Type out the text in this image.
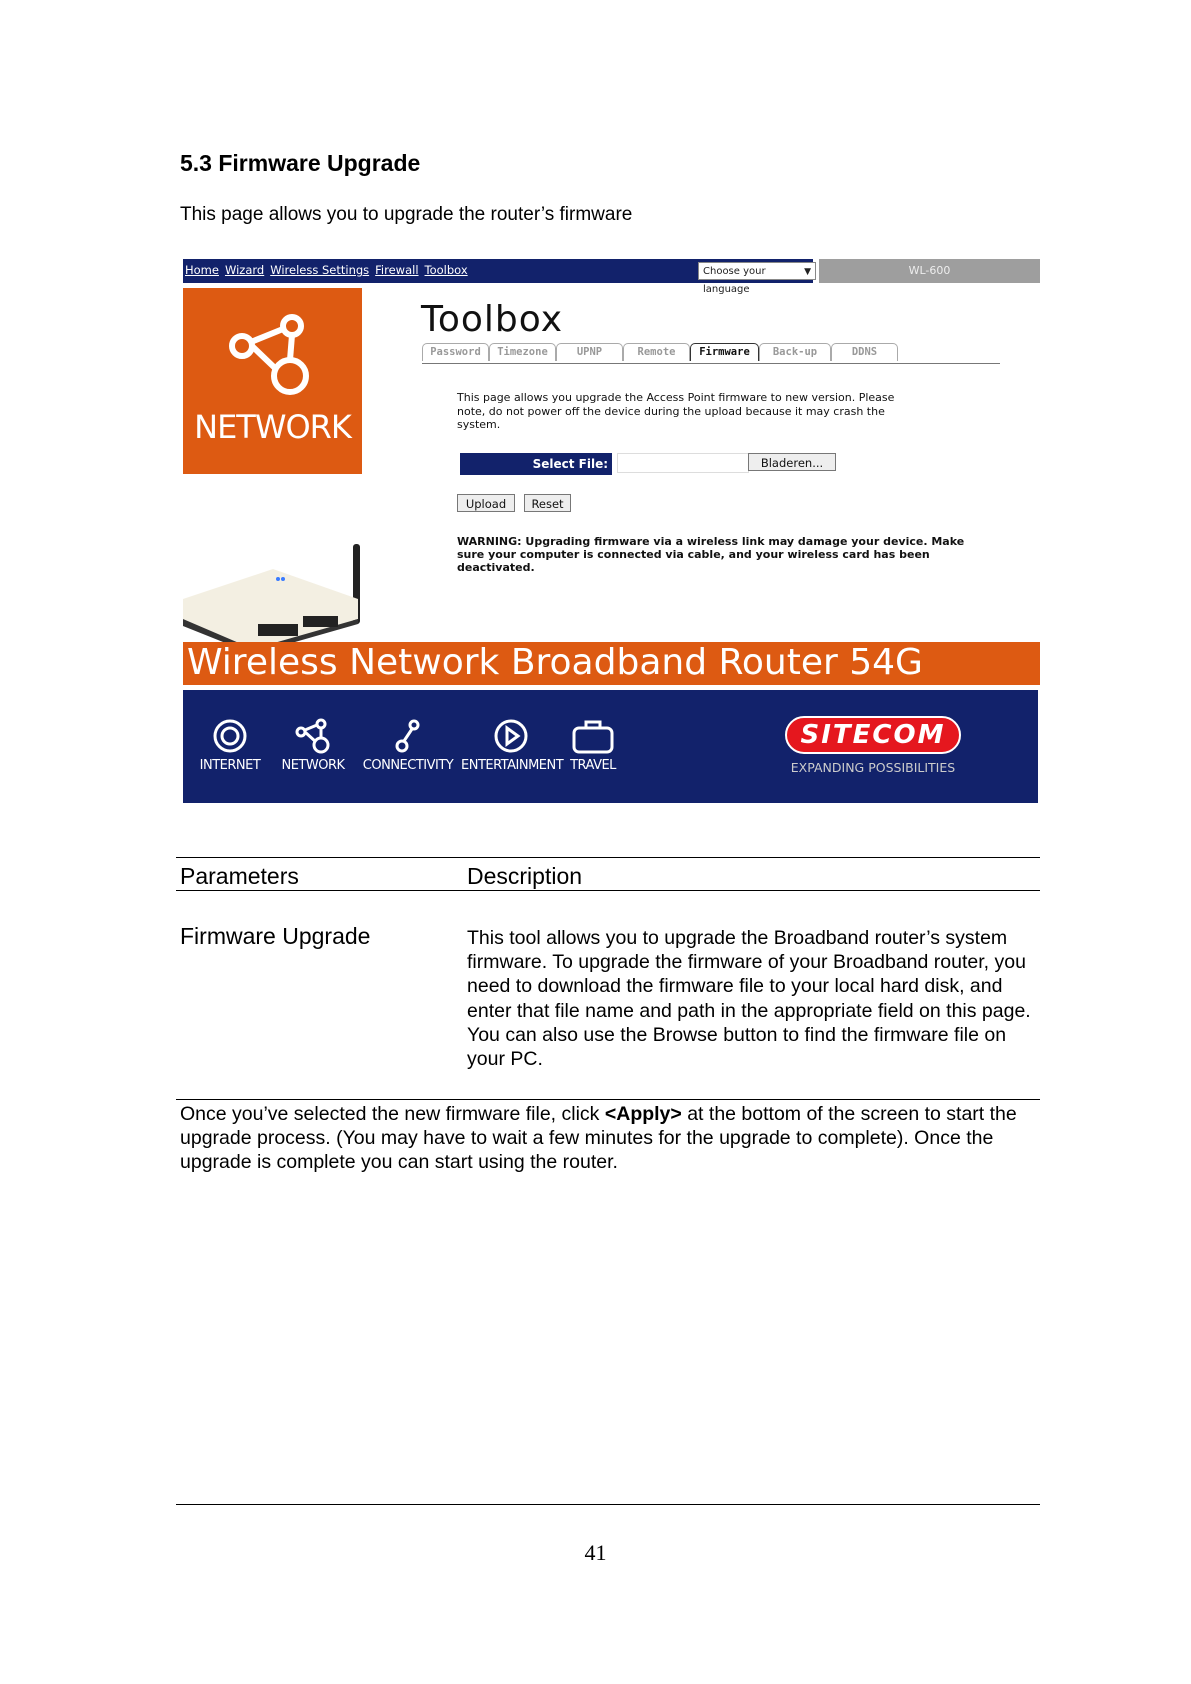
5.3 Firmware Upgrade
This page allows you to upgrade the router’s firmware
Home Wizard Wireless Settings Firewall Toolbox	Choose your language
▼	WL-600
NETWORK
Toolbox
Password	Timezone	UPNP	Remote	Firmware	Back-up	DDNS
This page allows you upgrade the Access Point firmware to new version. Please note, do not power off the device during the upload because it may crash the system.
Select File:	Bladeren...
Upload	Reset
WARNING: Upgrading firmware via a wireless link may damage your device. Make sure your computer is connected via cable, and your wireless card has been deactivated.
Wireless Network Broadband Router 54G
INTERNET	NETWORK	CONNECTIVITY ENTERTAINMENT TRAVEL
SITECOM
EXPANDING POSSIBILITIES
Parameters	Description
Firmware Upgrade	This tool allows you to upgrade the Broadband router’s system firmware. To upgrade the firmware of your Broadband router, you need to download the firmware file to your local hard disk, and enter that file name and path in the appropriate field on this page. You can also use the Browse button to find the firmware file on your PC.
Once you’ve selected the new firmware file, click <Apply> at the bottom of the screen to start the upgrade process. (You may have to wait a few minutes for the upgrade to complete). Once the upgrade is complete you can start using the router.
41
